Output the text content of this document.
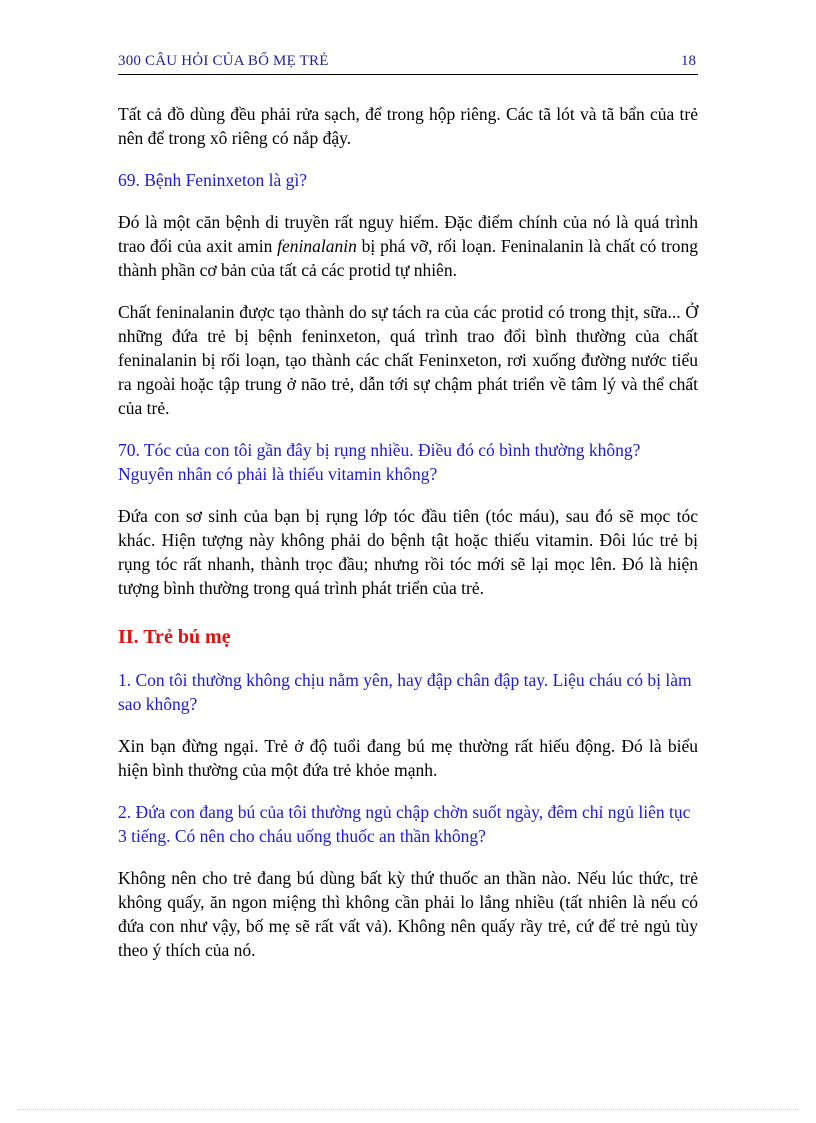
300 CÂU HỎI CỦA BỐ MẸ TRẺ	18

Tất cả đồ dùng đều phải rửa sạch, để trong hộp riêng. Các tã lót và tã bẩn của trẻ nên để trong xô riêng có nắp đậy.

69. Bệnh Feninxeton là gì?

Đó là một căn bệnh di truyền rất nguy hiểm. Đặc điểm chính của nó là quá trình trao đổi của axit amin feninalanin bị phá vỡ, rối loạn. Feninalanin là chất có trong thành phần cơ bản của tất cả các protid tự nhiên.

Chất feninalanin được tạo thành do sự tách ra của các protid có trong thịt, sữa... Ở những đứa trẻ bị bệnh feninxeton, quá trình trao đổi bình thường của chất feninalanin bị rối loạn, tạo thành các chất Feninxeton, rơi xuống đường nước tiểu ra ngoài hoặc tập trung ở não trẻ, dẫn tới sự chậm phát triển về tâm lý và thể chất của trẻ.

70. Tóc của con tôi gần đây bị rụng nhiều. Điều đó có bình thường không? Nguyên nhân có phải là thiếu vitamin không?

Đứa con sơ sinh của bạn bị rụng lớp tóc đầu tiên (tóc máu), sau đó sẽ mọc tóc khác. Hiện tượng này không phải do bệnh tật hoặc thiếu vitamin. Đôi lúc trẻ bị rụng tóc rất nhanh, thành trọc đầu; nhưng rồi tóc mới sẽ lại mọc lên. Đó là hiện tượng bình thường trong quá trình phát triển của trẻ.

II. Trẻ bú mẹ

1. Con tôi thường không chịu nằm yên, hay đập chân đập tay. Liệu cháu có bị làm sao không?

Xin bạn đừng ngại. Trẻ ở độ tuổi đang bú mẹ thường rất hiếu động. Đó là biểu hiện bình thường của một đứa trẻ khỏe mạnh.

2. Đứa con đang bú của tôi thường ngủ chập chờn suốt ngày, đêm chỉ ngủ liên tục 3 tiếng. Có nên cho cháu uống thuốc an thần không?

Không nên cho trẻ đang bú dùng bất kỳ thứ thuốc an thần nào. Nếu lúc thức, trẻ không quấy, ăn ngon miệng thì không cần phải lo lắng nhiều (tất nhiên là nếu có đứa con như vậy, bố mẹ sẽ rất vất vả). Không nên quấy rầy trẻ, cứ để trẻ ngủ tùy theo ý thích của nó.
